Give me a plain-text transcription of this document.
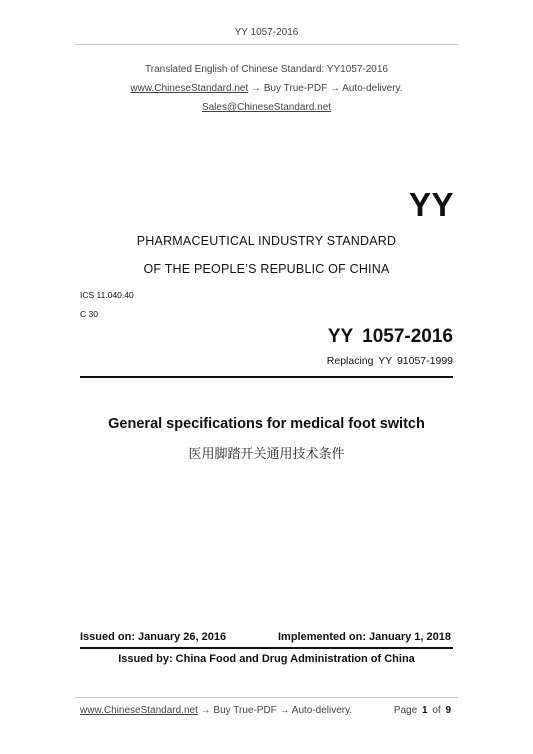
YY 1057-2016
Translated English of Chinese Standard: YY1057-2016
www.ChineseStandard.net → Buy True-PDF → Auto-delivery.
Sales@ChineseStandard.net
YY
PHARMACEUTICAL INDUSTRY STANDARD
OF THE PEOPLE’S REPUBLIC OF CHINA
ICS 11.040.40
C 30
YY 1057-2016
Replacing YY 91057-1999
General specifications for medical foot switch
医用脚踏开关通用技术条件
Issued on: January 26, 2016	Implemented on: January 1, 2018
Issued by: China Food and Drug Administration of China
www.ChineseStandard.net → Buy True-PDF → Auto-delivery.	Page 1 of 9
